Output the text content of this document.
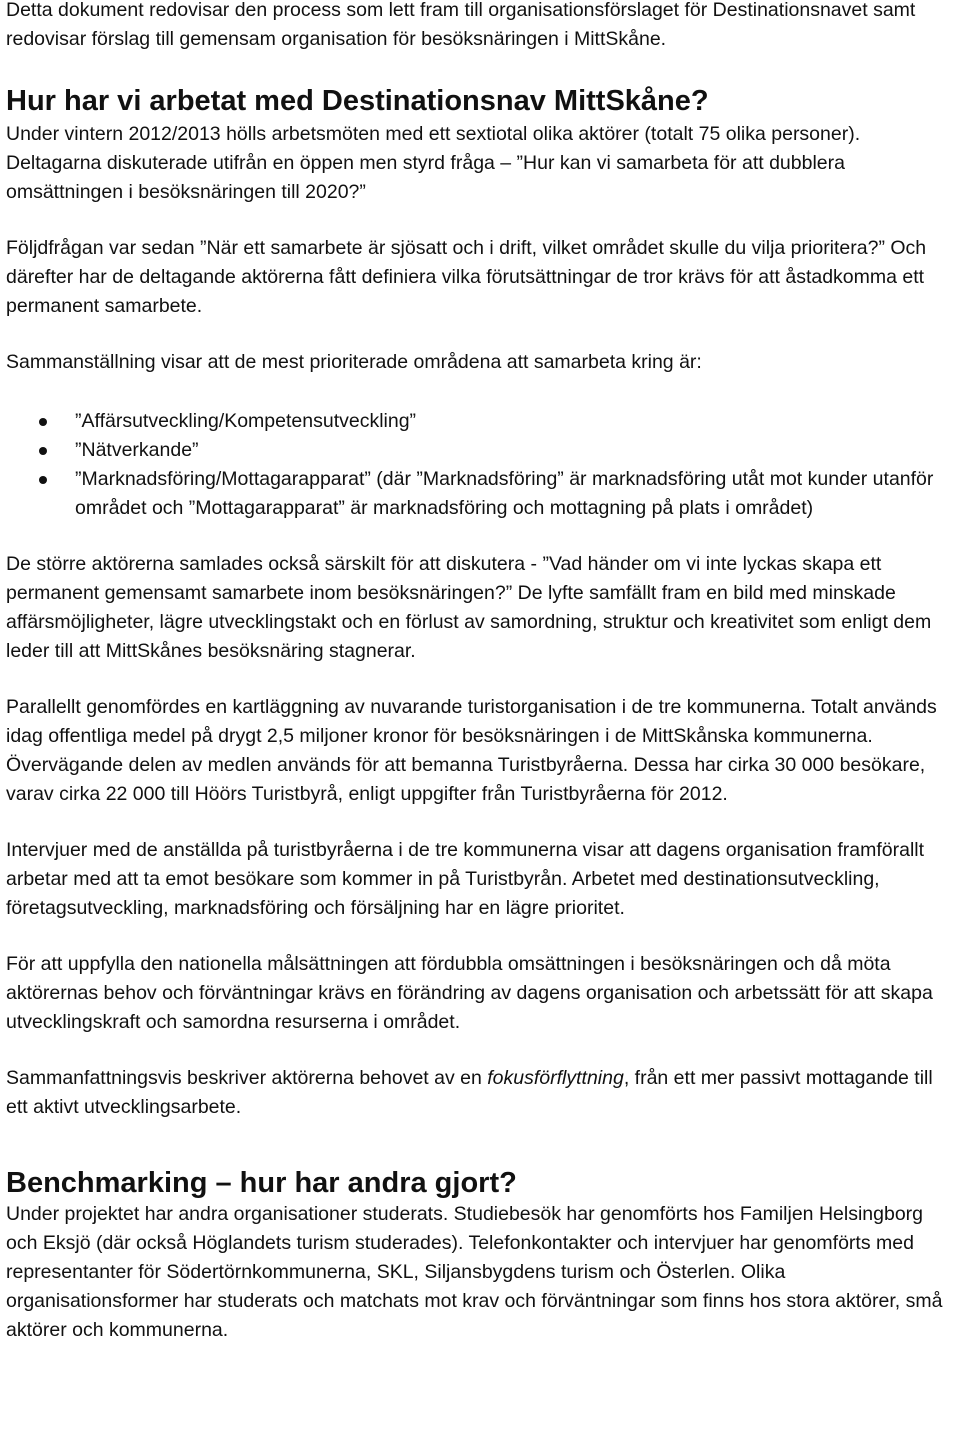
Detta dokument redovisar den process som lett fram till organisationsförslaget för Destinationsnavet samt redovisar förslag till gemensam organisation för besöksnäringen i MittSkåne.

Hur har vi arbetat med Destinationsnav MittSkåne?

Under vintern 2012/2013 hölls arbetsmöten med ett sextiotal olika aktörer (totalt 75 olika personer). Deltagarna diskuterade utifrån en öppen men styrd fråga – ”Hur kan vi samarbeta för att dubblera omsättningen i besöksnäringen till 2020?”

Följdfrågan var sedan ”När ett samarbete är sjösatt och i drift, vilket området skulle du vilja prioritera?” Och därefter har de deltagande aktörerna fått definiera vilka förutsättningar de tror krävs för att åstadkomma ett permanent samarbete.

Sammanställning visar att de mest prioriterade områdena att samarbeta kring är:

”Affärsutveckling/Kompetensutveckling”
”Nätverkande”
”Marknadsföring/Mottagarapparat” (där ”Marknadsföring” är marknadsföring utåt mot kunder utanför området och ”Mottagarapparat” är marknadsföring och mottagning på plats i området)

De större aktörerna samlades också särskilt för att diskutera - ”Vad händer om vi inte lyckas skapa ett permanent gemensamt samarbete inom besöksnäringen?” De lyfte samfällt fram en bild med minskade affärsmöjligheter, lägre utvecklingstakt och en förlust av samordning, struktur och kreativitet som enligt dem leder till att MittSkånes besöksnäring stagnerar.

Parallellt genomfördes en kartläggning av nuvarande turistorganisation i de tre kommunerna. Totalt används idag offentliga medel på drygt 2,5 miljoner kronor för besöksnäringen i de MittSkånska kommunerna. Övervägande delen av medlen används för att bemanna Turistbyråerna. Dessa har cirka 30 000 besökare, varav cirka 22 000 till Höörs Turistbyrå, enligt uppgifter från Turistbyråerna för 2012.

Intervjuer med de anställda på turistbyråerna i de tre kommunerna visar att dagens organisation framförallt arbetar med att ta emot besökare som kommer in på Turistbyrån. Arbetet med destinationsutveckling, företagsutveckling, marknadsföring och försäljning har en lägre prioritet.

För att uppfylla den nationella målsättningen att fördubbla omsättningen i besöksnäringen och då möta aktörernas behov och förväntningar krävs en förändring av dagens organisation och arbetssätt för att skapa utvecklingskraft och samordna resurserna i området.

Sammanfattningsvis beskriver aktörerna behovet av en fokusförflyttning, från ett mer passivt mottagande till ett aktivt utvecklingsarbete.

Benchmarking – hur har andra gjort?

Under projektet har andra organisationer studerats. Studiebesök har genomförts hos Familjen Helsingborg och Eksjö (där också Höglandets turism studerades). Telefonkontakter och intervjuer har genomförts med representanter för Södertörnkommunerna, SKL, Siljansbygdens turism och Österlen. Olika organisationsformer har studerats och matchats mot krav och förväntningar som finns hos stora aktörer, små aktörer och kommunerna.
